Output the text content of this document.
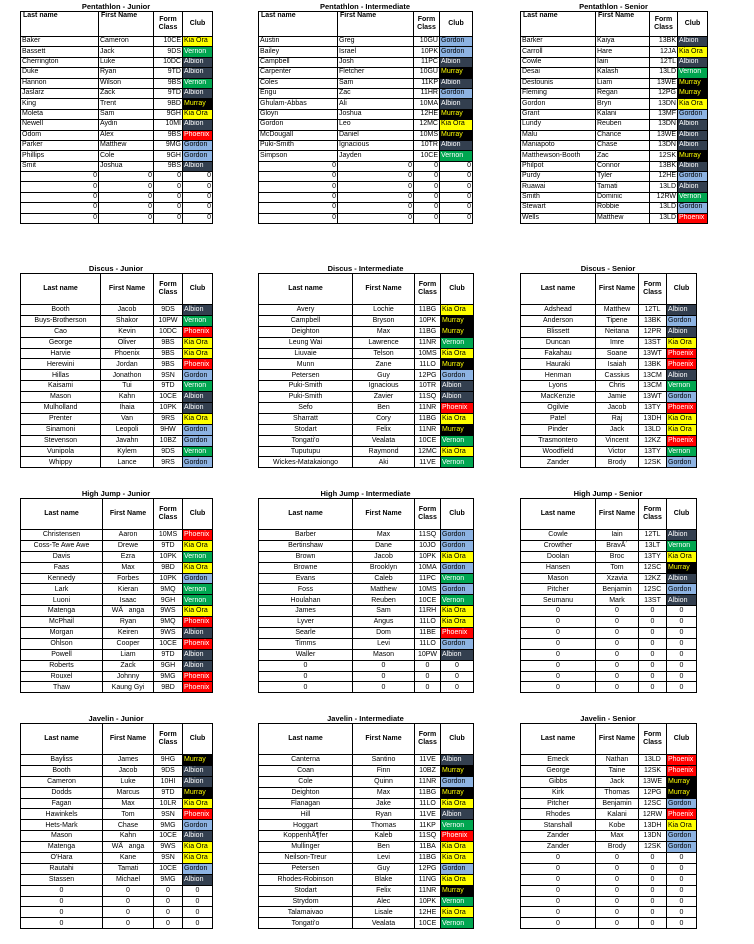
Pentathlon - Junior
Last name	First Name	Form Class	Club
Baker	Cameron	10CE	Kia Ora
Bassett	Jack	9DS	Vernon
Cherrington	Luke	10DC	Albion
Duke	Ryan	9TD	Albion
Hannon	Wilson	9BS	Vernon
Jaslarz	Zack	9TD	Albion
King	Trent	9BD	Murray
Moleta	Sam	9GH	Kia Ora
Newell	Aydin	10MI	Albion
Odom	Alex	9BS	Phoenix
Parker	Matthew	9MG	Gordon
Phillips	Cole	9GH	Gordon
Smit	Joshua	9BS	Albion
0	0	0	0
0	0	0	0
0	0	0	0
0	0	0	0
0	0	0	0
Pentathlon - Intermediate
Last name	First Name	Form Class	Club
Austin	Greg	10GU	Gordon
Bailey	Israel	10PK	Gordon
Campbell	Josh	11PC	Albion
Carpenter	Fletcher	10GU	Murray
Coles	Sam	11KP	Albion
Engu	Zac	11HR	Gordon
Ghulam-Abbas	Ali	10MA	Albion
Gloyn	Joshua	12HE	Murray
Gordon	Leo	12MC	Kia Ora
McDougall	Daniel	10MS	Murray
Puki-Smith	Ignacious	10TR	Albion
Simpson	Jayden	10CE	Vernon
0	0	0	0
0	0	0	0
0	0	0	0
0	0	0	0
0	0	0	0
0	0	0	0
Pentathlon - Senior
Last name	First Name	Form Class	Club
Barker	Kaiya	13BK	Albion
Carroll	Hare	12JA	Kia Ora
Cowle	Iain	12TL	Albion
Desai	Kalash	13LD	Vernon
Destounis	Liam	13WE	Murray
Fleming	Regan	12PG	Murray
Gordon	Bryn	13DN	Kia Ora
Grant	Kalani	13MF	Gordon
Lundy	Reuben	13DN	Albion
Malu	Chance	13WE	Albion
Maniapoto	Chase	13DN	Albion
Matthewson-Booth	Zac	12SK	Murray
Philpot	Connor	13BK	Albion
Purdy	Tyler	12HE	Gordon
Ruawai	Tamati	13LD	Albion
Smith	Dominic	12RW	Vernon
Stewart	Robbie	13LD	Gordon
Wells	Matthew	13LD	Phoenix
Discus - Junior
Last name	First Name	Form Class	Club
Booth	Jacob	9DS	Albion
Buys-Brotherson	Shakor	10PW	Vernon
Cao	Kevin	10DC	Phoenix
George	Oliver	9BS	Kia Ora
Harvie	Phoenix	9BS	Kia Ora
Herewini	Jordan	9BS	Phoenix
Hillas	Jonathon	9SN	Gordon
Kaisami	Tui	9TD	Vernon
Mason	Kahn	10CE	Albion
Mulholland	Ihaia	10PK	Albion
Prenter	Van	9RS	Kia Ora
Sinamoni	Leopoli	9HW	Gordon
Stevenson	Javahn	10BZ	Gordon
Vunipola	Kylem	9DS	Vernon
Whippy	Lance	9RS	Gordon
Discus - Intermediate
Last name	First Name	Form Class	Club
Avery	Lochie	11BG	Kia Ora
Campbell	Bryson	10PK	Murray
Deighton	Max	11BG	Murray
Leung Wai	Lawrence	11NR	Vernon
Liuvaie	Telson	10MS	Kia Ora
Munn	Zane	11LO	Murray
Petersen	Guy	12PG	Gordon
Puki-Smith	Ignacious	10TR	Albion
Puki-Smith	Zavier	11SQ	Albion
Sefo	Ben	11NR	Phoenix
Sharratt	Cory	11BG	Kia Ora
Stodart	Felix	11NR	Murray
Tongati'o	Vealata	10CE	Vernon
Tuputupu	Raymond	12MC	Kia Ora
Wickes-Matakaiongo	Aki	11VE	Vernon
Discus - Senior
Last name	First Name	Form Class	Club
Adshead	Matthew	12TL	Albion
Anderson	Tipene	13BK	Gordon
Blissett	Neitana	12PR	Albion
Duncan	Imre	13ST	Kia Ora
Fakahau	Soane	13WT	Phoenix
Hauraki	Isaiah	13BK	Phoenix
Henman	Cassius	13CM	Albion
Lyons	Chris	13CM	Vernon
MacKenzie	Jamie	13WT	Gordon
Ogilvie	Jacob	13TY	Phoenix
Patel	Raj	13DH	Kia Ora
Pinder	Jack	13LD	Kia Ora
Trasmontero	Vincent	12KZ	Phoenix
Woodfield	Victor	13TY	Vernon
Zander	Brody	12SK	Gordon
High Jump - Junior
Last name	First Name	Form Class	Club
Christensen	Aaron	10MS	Phoenix
Coss-Te Awe Awe	Drewe	9TD	Kia Ora
Davis	Ezra	10PK	Vernon
Faas	Max	9BD	Kia Ora
Kennedy	Forbes	10PK	Gordon
Lark	Kieran	9MQ	Vernon
Luoni	Isaac	9GH	Vernon
Matenga	WÄanga	9WS	Kia Ora
McPhail	Ryan	9MQ	Phoenix
Morgan	Keiren	9WS	Albion
Ohlson	Cooper	10CE	Phoenix
Powell	Liam	9TD	Albion
Roberts	Zack	9GH	Albion
Rouxel	Johnny	9MG	Phoenix
Thaw	Kaung Gyi	9BD	Phoenix
High Jump - Intermediate
Last name	First Name	Form Class	Club
Barber	Max	11SQ	Gordon
Bertinshaw	Dane	10JO	Gordon
Brown	Jacob	10PK	Kia Ora
Browne	Brooklyn	10MA	Gordon
Evans	Caleb	11PC	Vernon
Foss	Matthew	10MS	Gordon
Houlahan	Reuben	10CE	Vernon
James	Sam	11RH	Kia Ora
Lyver	Angus	11LO	Kia Ora
Searle	Dom	11BE	Phoenix
Timms	Levi	11LO	Gordon
Waller	Mason	10PW	Albion
0	0	0	0
0	0	0	0
0	0	0	0
High Jump - Senior
Last name	First Name	Form Class	Club
Cowle	Iain	12TL	Albion
Crowther	BravÃ´	13LT	Vernon
Doolan	Broc	13TY	Kia Ora
Hansen	Tom	12SC	Murray
Mason	Xzavia	12KZ	Albion
Pitcher	Benjamin	12SC	Gordon
Seumanu	Mark	13ST	Albion
0	0	0	0
0	0	0	0
0	0	0	0
0	0	0	0
0	0	0	0
0	0	0	0
0	0	0	0
0	0	0	0
Javelin - Junior
Last name	First Name	Form Class	Club
Bayliss	James	9HG	Murray
Booth	Jacob	9DS	Albion
Cameron	Luke	10HI	Albion
Dodds	Marcus	9TD	Murray
Fagan	Max	10LR	Kia Ora
Hawinkels	Tom	9SN	Phoenix
Hets-Mark	Chase	9MG	Gordon
Mason	Kahn	10CE	Albion
Matenga	WÄanga	9WS	Kia Ora
O'Hara	Kane	9SN	Kia Ora
Rautahi	Tamati	10CE	Gordon
Stassen	Michael	9MG	Albion
0	0	0	0
0	0	0	0
0	0	0	0
0	0	0	0
Javelin - Intermediate
Last name	First Name	Form Class	Club
Canterna	Santino	11VE	Albion
Coan	Finn	10BZ	Murray
Cole	Quinn	11NR	Gordon
Deighton	Max	11BG	Murray
Flanagan	Jake	11LO	Kia Ora
Hill	Ryan	11VE	Albion
Hoggart	Thomas	11KP	Vernon
KoppenhÃ¶fer	Kaleb	11SQ	Phoenix
Mullinger	Ben	11BA	Kia Ora
Neilson-Treur	Levi	11BG	Kia Ora
Petersen	Guy	12PG	Gordon
Rhodes-Robinson	Blake	11NG	Kia Ora
Stodart	Felix	11NR	Murray
Strydom	Alec	10PK	Vernon
Talamaivao	Lisale	12HE	Kia Ora
Tongati'o	Vealata	10CE	Vernon
Javelin - Senior
Last name	First Name	Form Class	Club
Emeck	Nathan	13LD	Phoenix
George	Taine	12SK	Phoenix
Gibbs	Jack	13WE	Murray
Kirk	Thomas	12PG	Murray
Pitcher	Benjamin	12SC	Gordon
Rhodes	Kalani	12RW	Phoenix
Stanshall	Kobe	13DH	Kia Ora
Zander	Max	13DN	Gordon
Zander	Brody	12SK	Gordon
0	0	0	0
0	0	0	0
0	0	0	0
0	0	0	0
0	0	0	0
0	0	0	0
0	0	0	0
